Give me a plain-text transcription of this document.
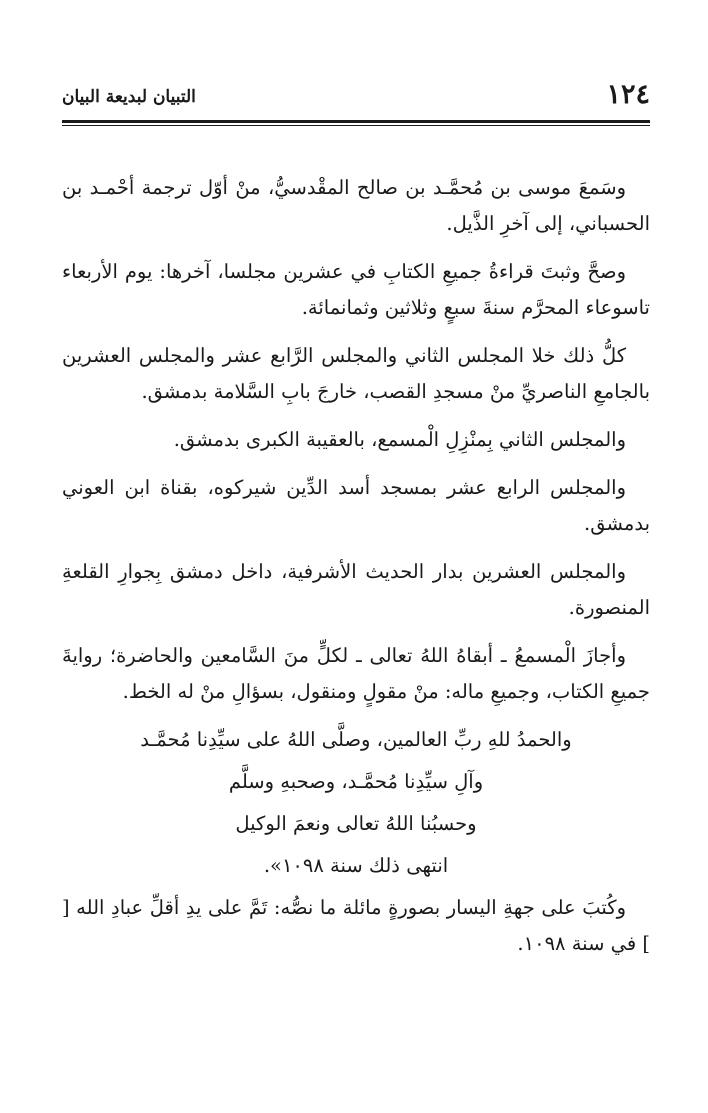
١٢٤
التبيان لبديعة البيان

وسَمعَ موسى بن مُحمَّـد بن صالح المقْدسيُّ، منْ أوّل ترجمة أحْمـد بن الحسباني، إلى آخرِ الذَّيل.

وصحَّ وثبتَ قراءةُ جميعِ الكتابِ في عشرين مجلسا، آخرها: يوم الأربعاء تاسوعاء المحرَّم سنةَ سبعٍ وثلاثين وثمانمائة.

كلُّ ذلك خلا المجلس الثاني والمجلس الرَّابع عشر والمجلس العشرين بالجامعِ الناصريِّ منْ مسجدِ القصب، خارجَ بابِ السَّلامة بدمشق.

والمجلس الثاني بِمنْزِلِ الْمسمع، بالعقيبة الكبرى بدمشق.

والمجلس الرابع عشر بمسجد أسد الدِّين شيركوه، بقناة ابن العوني بدمشق.

والمجلس العشرين بدار الحديث الأشرفية، داخل دمشق بِجوارِ القلعةِ المنصورة.

وأجازَ الْمسمعُ ـ أبقاهُ اللهُ تعالى ـ لكلٍّ منَ السَّامعين والحاضرة؛ روايةَ جميعِ الكتاب، وجميعِ ماله: منْ مقولٍ ومنقول، بسؤالِ منْ له الخط.

والحمدُ للهِ ربِّ العالمين، وصلَّى اللهُ على سيِّدِنا مُحمَّـد
وآلِ سيِّدِنا مُحمَّـد، وصحبهِ وسلَّم
وحسبُنا اللهُ تعالى ونعمَ الوكيل
انتهى ذلك سنة ١٠٩٨».

وكُتبَ على جهةِ اليسار بصورةٍ مائلة ما نصُّه: تَمَّ على يدِ أقلِّ عبادِ الله [ ] في سنة ١٠٩٨.
